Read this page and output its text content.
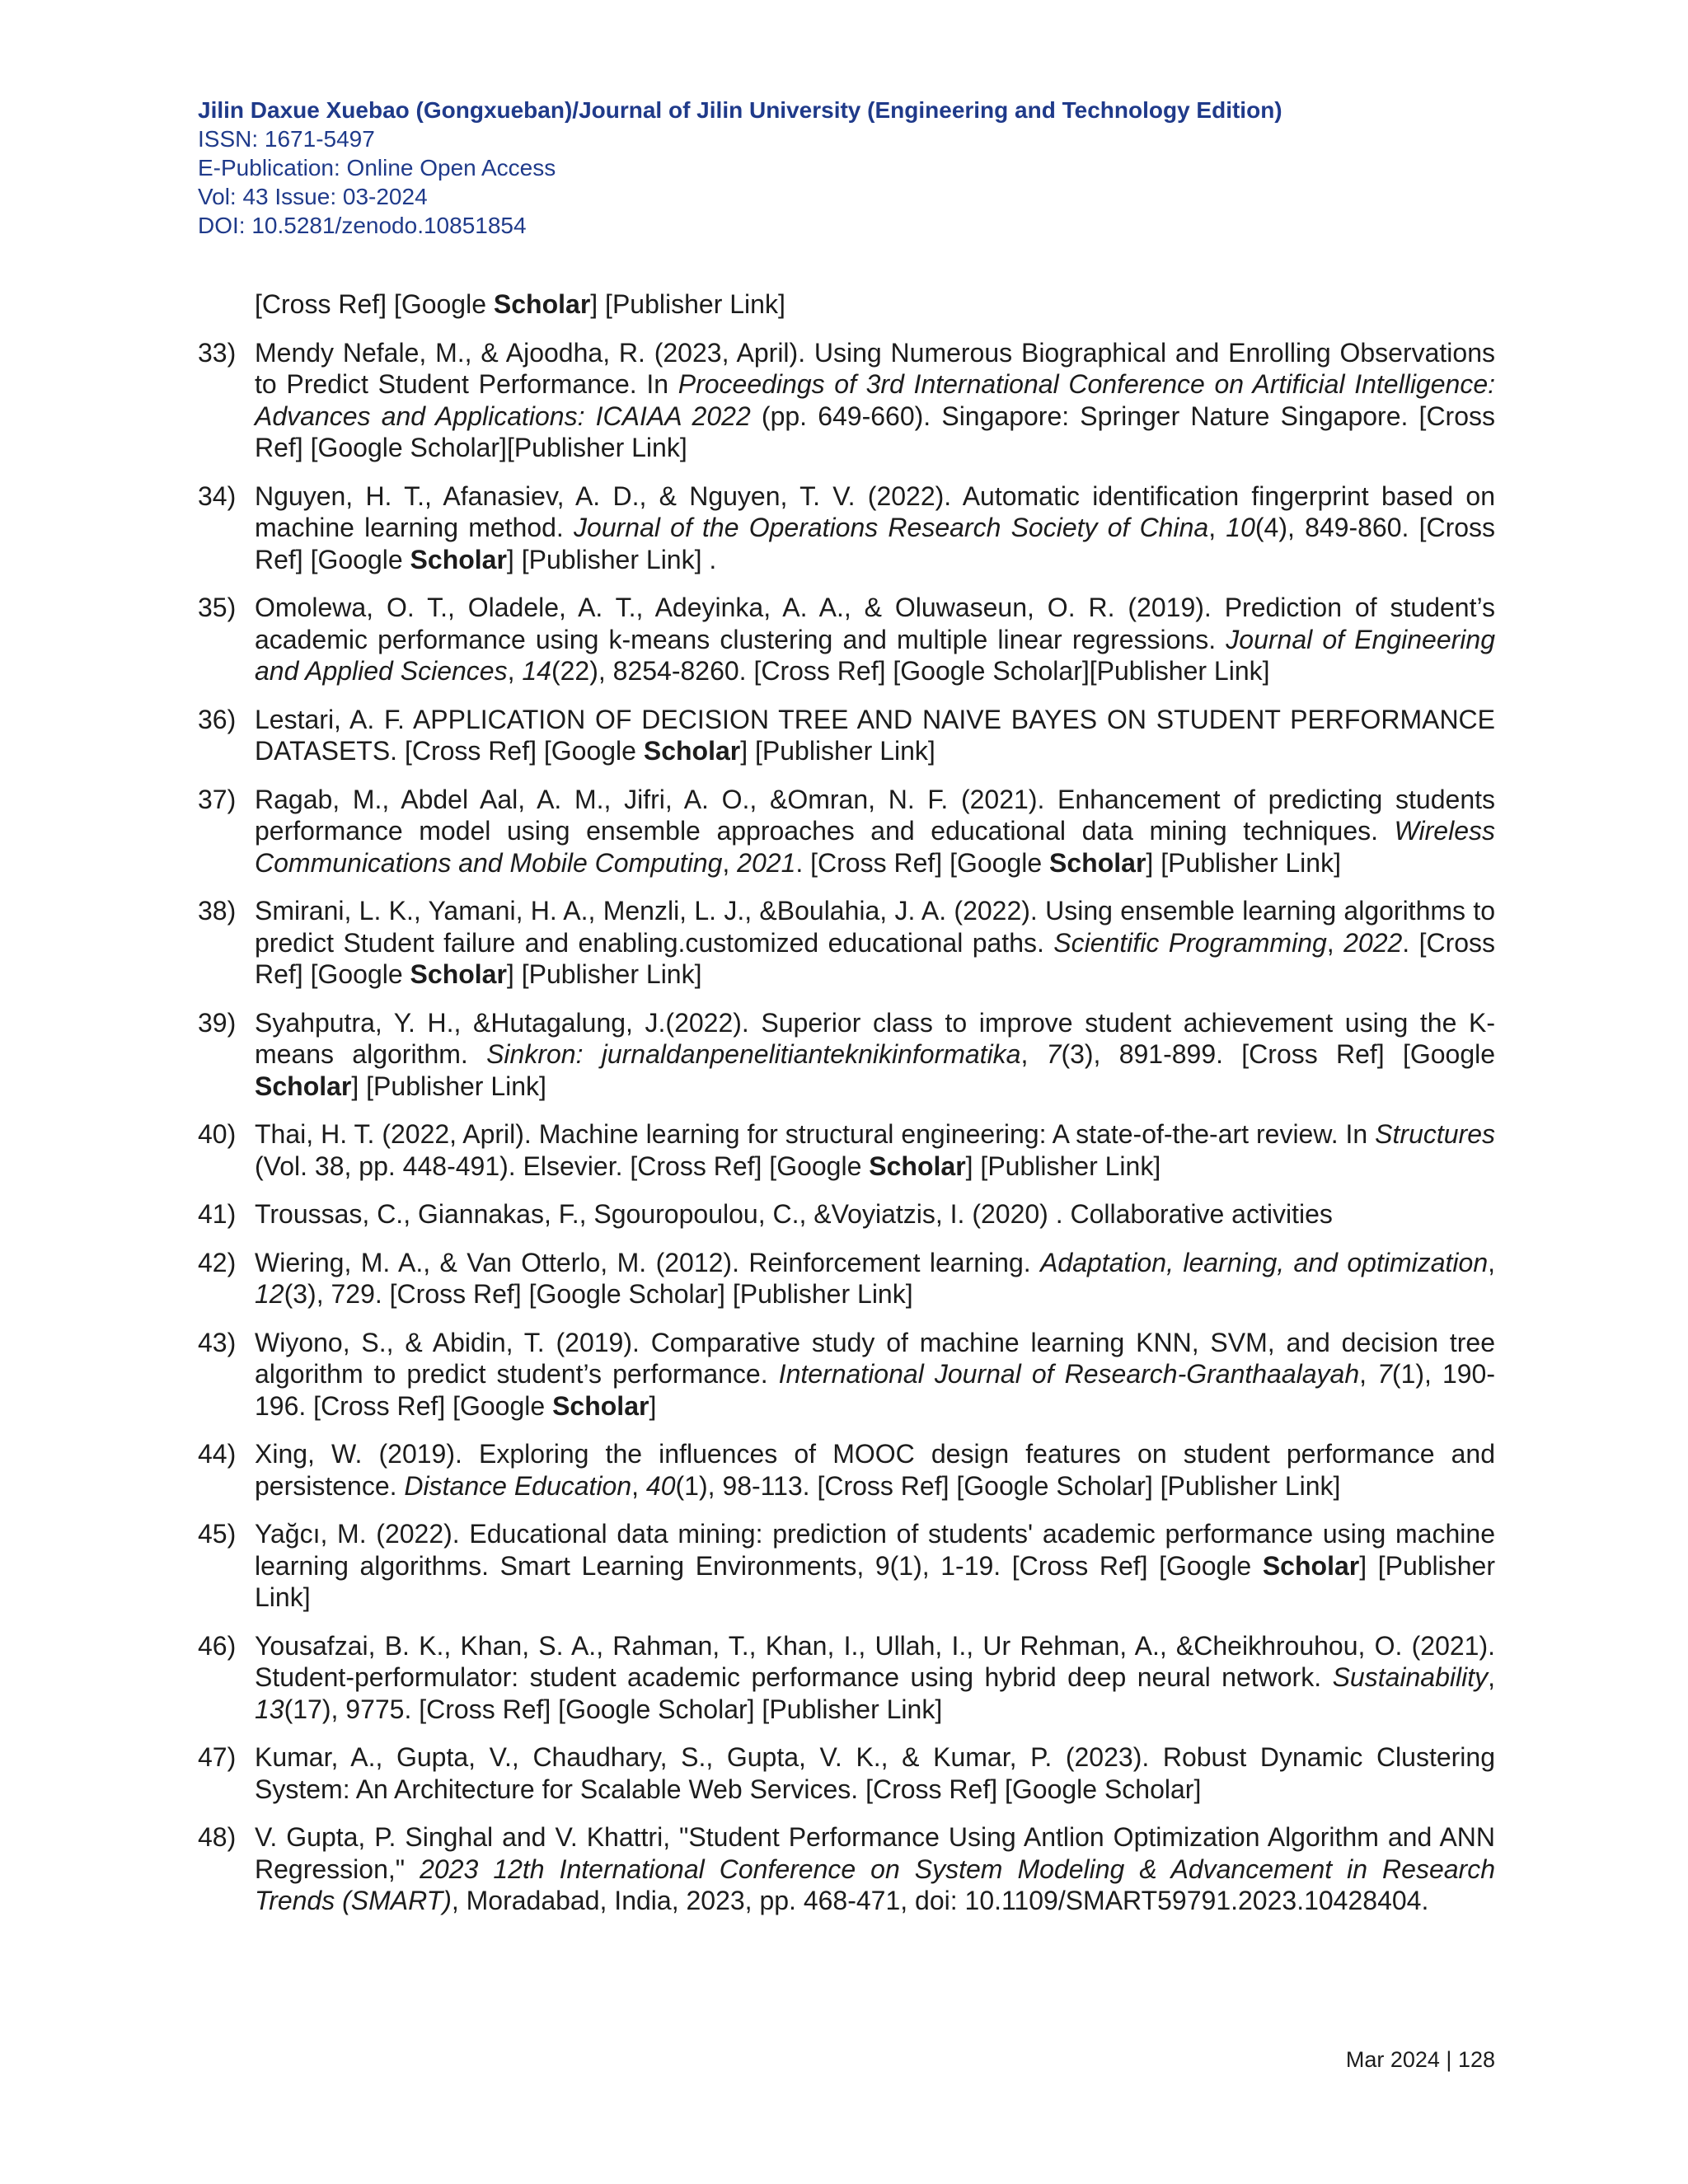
Jilin Daxue Xuebao (Gongxueban)/Journal of Jilin University (Engineering and Technology Edition)
ISSN: 1671-5497
E-Publication: Online Open Access
Vol: 43 Issue: 03-2024
DOI: 10.5281/zenodo.10851854
[Cross Ref] [Google Scholar] [Publisher Link]
33) Mendy Nefale, M., & Ajoodha, R. (2023, April). Using Numerous Biographical and Enrolling Observations to Predict Student Performance. In Proceedings of 3rd International Conference on Artificial Intelligence: Advances and Applications: ICAIAA 2022 (pp. 649-660). Singapore: Springer Nature Singapore. [Cross Ref] [Google Scholar][Publisher Link]
34) Nguyen, H. T., Afanasiev, A. D., & Nguyen, T. V. (2022). Automatic identification fingerprint based on machine learning method. Journal of the Operations Research Society of China, 10(4), 849-860. [Cross Ref] [Google Scholar] [Publisher Link] .
35) Omolewa, O. T., Oladele, A. T., Adeyinka, A. A., & Oluwaseun, O. R. (2019). Prediction of student’s academic performance using k-means clustering and multiple linear regressions. Journal of Engineering and Applied Sciences, 14(22), 8254-8260. [Cross Ref] [Google Scholar][Publisher Link]
36) Lestari, A. F. APPLICATION OF DECISION TREE AND NAIVE BAYES ON STUDENT PERFORMANCE DATASETS. [Cross Ref] [Google Scholar] [Publisher Link]
37) Ragab, M., Abdel Aal, A. M., Jifri, A. O., &Omran, N. F. (2021). Enhancement of predicting students performance model using ensemble approaches and educational data mining techniques. Wireless Communications and Mobile Computing, 2021. [Cross Ref] [Google Scholar] [Publisher Link]
38) Smirani, L. K., Yamani, H. A., Menzli, L. J., &Boulahia, J. A. (2022). Using ensemble learning algorithms to predict Student failure and enabling.customized educational paths. Scientific Programming, 2022. [Cross Ref] [Google Scholar] [Publisher Link]
39) Syahputra, Y. H., &Hutagalung, J.(2022). Superior class to improve student achievement using the K-means algorithm. Sinkron: jurnaldanpenelitianteknikinformatika, 7(3), 891-899. [Cross Ref] [Google Scholar] [Publisher Link]
40) Thai, H. T. (2022, April). Machine learning for structural engineering: A state-of-the-art review. In Structures (Vol. 38, pp. 448-491). Elsevier. [Cross Ref] [Google Scholar] [Publisher Link]
41) Troussas, C., Giannakas, F., Sgouropoulou, C., &Voyiatzis, I. (2020) . Collaborative activities
42) Wiering, M. A., & Van Otterlo, M. (2012). Reinforcement learning. Adaptation, learning, and optimization, 12(3), 729. [Cross Ref] [Google Scholar] [Publisher Link]
43) Wiyono, S., & Abidin, T. (2019). Comparative study of machine learning KNN, SVM, and decision tree algorithm to predict student’s performance. International Journal of Research-Granthaalayah, 7(1), 190-196. [Cross Ref] [Google Scholar]
44) Xing, W. (2019). Exploring the influences of MOOC design features on student performance and persistence. Distance Education, 40(1), 98-113. [Cross Ref] [Google Scholar] [Publisher Link]
45) Yağcı, M. (2022). Educational data mining: prediction of students' academic performance using machine learning algorithms. Smart Learning Environments, 9(1), 1-19. [Cross Ref] [Google Scholar] [Publisher Link]
46) Yousafzai, B. K., Khan, S. A., Rahman, T., Khan, I., Ullah, I., Ur Rehman, A., &Cheikhrouhou, O. (2021). Student-performulator: student academic performance using hybrid deep neural network. Sustainability, 13(17), 9775. [Cross Ref] [Google Scholar] [Publisher Link]
47) Kumar, A., Gupta, V., Chaudhary, S., Gupta, V. K., & Kumar, P. (2023). Robust Dynamic Clustering System: An Architecture for Scalable Web Services. [Cross Ref] [Google Scholar]
48) V. Gupta, P. Singhal and V. Khattri, "Student Performance Using Antlion Optimization Algorithm and ANN Regression," 2023 12th International Conference on System Modeling & Advancement in Research Trends (SMART), Moradabad, India, 2023, pp. 468-471, doi: 10.1109/SMART59791.2023.10428404.
Mar 2024 | 128
